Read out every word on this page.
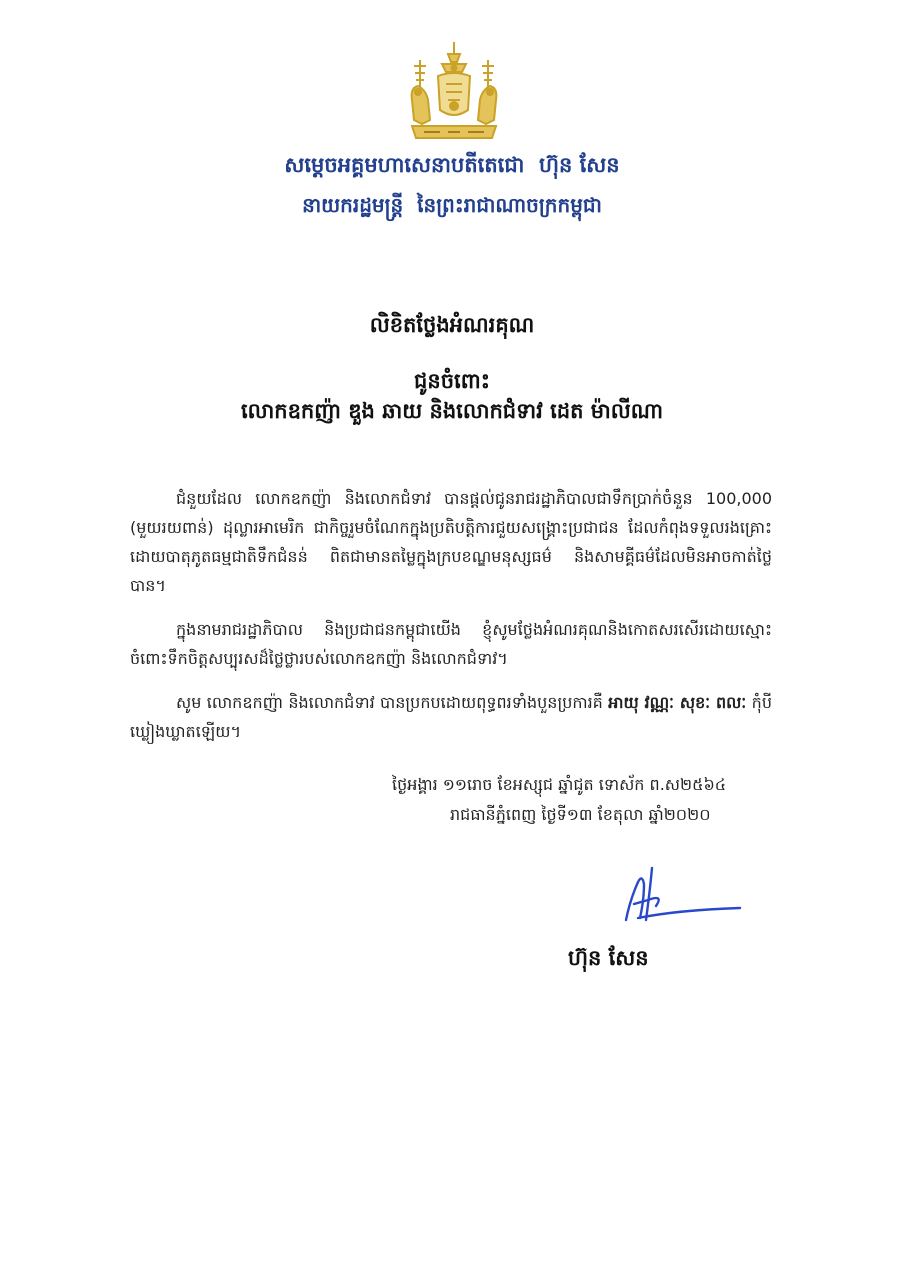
សម្តេចអគ្គមហាសេនាបតីតេជោ ហ៊ុន សែន
នាយករដ្ឋមន្ត្រី នៃព្រះរាជាណាចក្រកម្ពុជា
លិខិតថ្លែងអំណរគុណ
ជូនចំពោះ
លោកឧកញ៉ា ឌួង ឆាយ និងលោកជំទាវ ដេត ម៉ាលីណា

ជំនួយដែល លោកឧកញ៉ា និងលោកជំទាវ បានផ្តល់ជូនរាជរដ្ឋាភិបាលជាទឹកប្រាក់ចំនួន 100,000 (មួយរយពាន់) ដុល្លារអាមេរិក ជាកិច្ចរួមចំណែកក្នុងប្រតិបត្តិការជួយសង្គ្រោះប្រជាជន ដែលកំពុងទទួលរងគ្រោះដោយបាតុភូតធម្មជាតិទឹកជំនន់ ពិតជាមានតម្លៃក្នុងក្របខណ្ឌមនុស្សធម៌ និងសាមគ្គីធម៌ដែលមិនអាចកាត់ថ្លៃបាន។

ក្នុងនាមរាជរដ្ឋាភិបាល និងប្រជាជនកម្ពុជាយើង ខ្ញុំសូមថ្លែងអំណរគុណនិងកោតសរសើរដោយស្មោះចំពោះទឹកចិត្តសប្បុរសដ៏ថ្លៃថ្លារបស់លោកឧកញ៉ា និងលោកជំទាវ។

សូម លោកឧកញ៉ា និងលោកជំទាវ បានប្រកបដោយពុទ្ធពរទាំងបួនប្រការគឺ អាយុ វណ្ណៈ សុខៈ ពលៈ កុំបីឃ្លៀងឃ្លាតឡើយ។

ថ្ងៃអង្គារ ១១រោច ខែអស្សុជ ឆ្នាំជូត ទោស័ក ព.ស២៥៦៤
រាជធានីភ្នំពេញ ថ្ងៃទី១៣ ខែតុលា ឆ្នាំ២០២០
ហ៊ុន សែន
